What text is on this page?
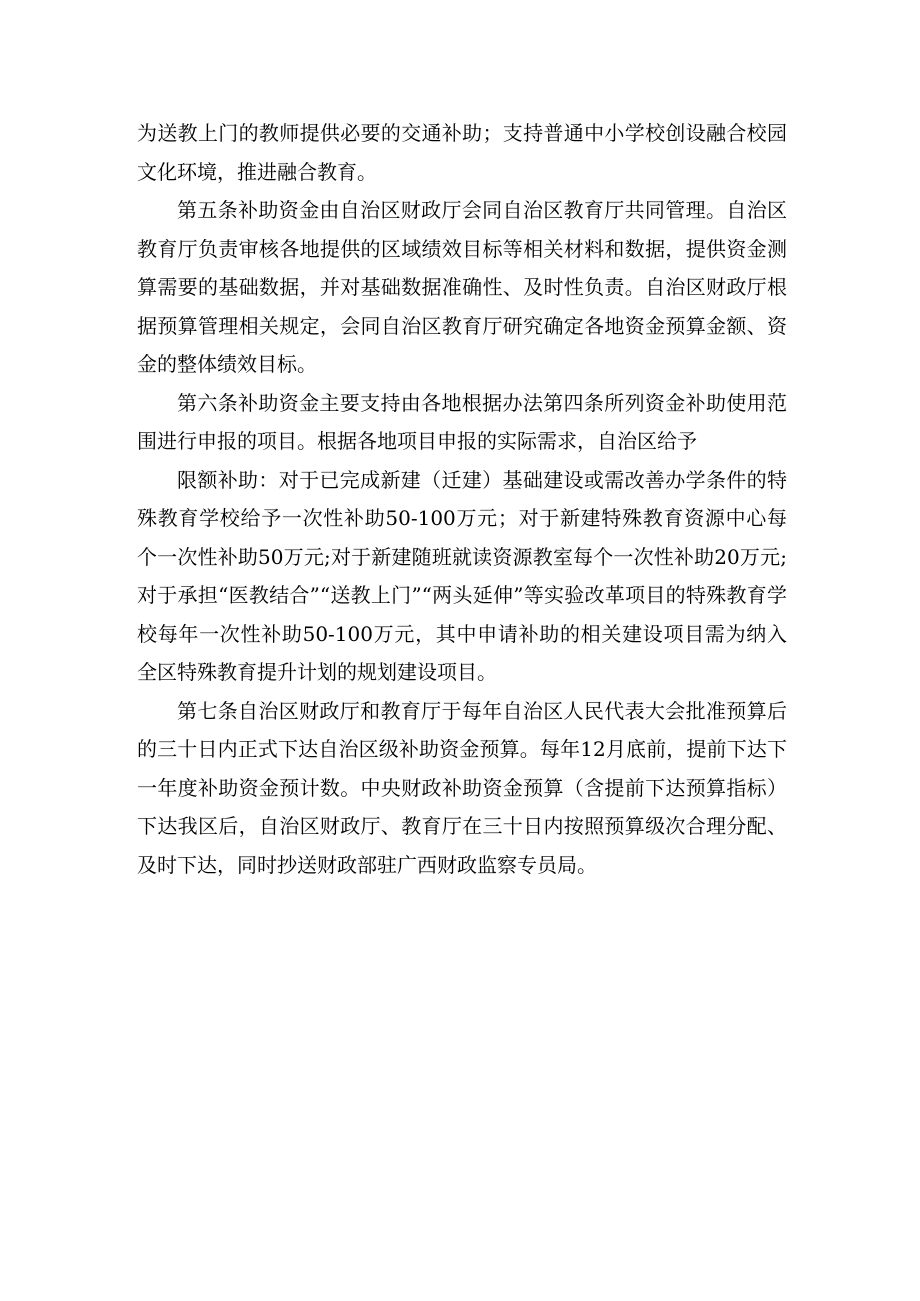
为送教上门的教师提供必要的交通补助；支持普通中小学校创设融合校园文化环境，推进融合教育。

第五条补助资金由自治区财政厅会同自治区教育厅共同管理。自治区教育厅负责审核各地提供的区域绩效目标等相关材料和数据，提供资金测算需要的基础数据，并对基础数据准确性、及时性负责。自治区财政厅根据预算管理相关规定，会同自治区教育厅研究确定各地资金预算金额、资金的整体绩效目标。

第六条补助资金主要支持由各地根据办法第四条所列资金补助使用范围进行申报的项目。根据各地项目申报的实际需求，自治区给予

限额补助：对于已完成新建（迁建）基础建设或需改善办学条件的特殊教育学校给予一次性补助50-100万元；对于新建特殊教育资源中心每个一次性补助50万元;对于新建随班就读资源教室每个一次性补助20万元;对于承担“医教结合”“送教上门”“两头延伸”等实验改革项目的特殊教育学校每年一次性补助50-100万元，其中申请补助的相关建设项目需为纳入全区特殊教育提升计划的规划建设项目。

第七条自治区财政厅和教育厅于每年自治区人民代表大会批准预算后的三十日内正式下达自治区级补助资金预算。每年12月底前，提前下达下一年度补助资金预计数。中央财政补助资金预算（含提前下达预算指标）下达我区后，自治区财政厅、教育厅在三十日内按照预算级次合理分配、及时下达，同时抄送财政部驻广西财政监察专员局。
